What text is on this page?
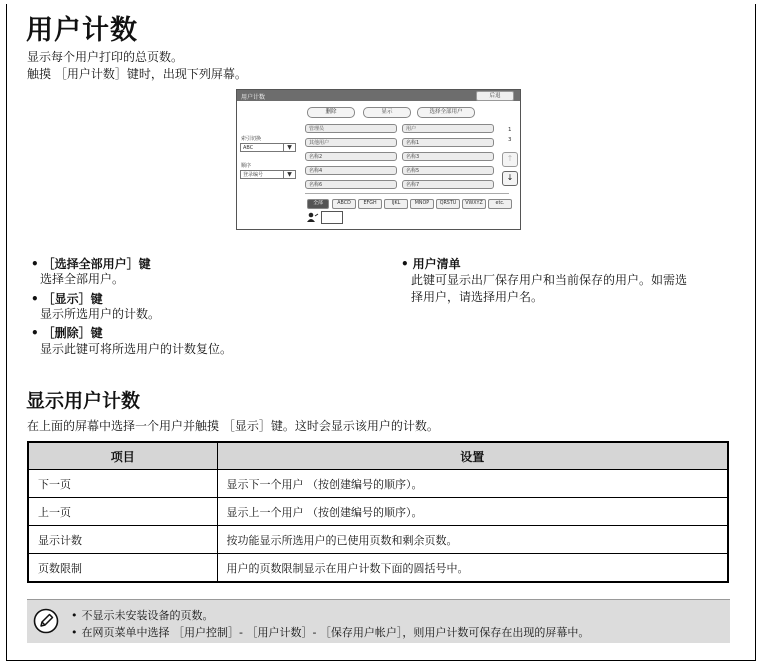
用户计数
显示每个用户打印的总页数。
触摸 ［用户计数］键时，出现下列屏幕。
用户计数	后退
删除	显示	选择全部用户
索引切换
ABC	▼
顺序
登录编号	▼
管理员
其他用户
名称2
名称4
名称6
用户
名称1
名称3
名称5
名称7
1
3
↑
↓
全部	ABCD	EFGH	IJKL	MNOP	QRSTU	VWXYZ	etc.
• ［选择全部用户］键
选择全部用户。
• ［显示］键
显示所选用户的计数。
• ［删除］键
显示此键可将所选用户的计数复位。
• 用户清单
此键可显示出厂保存用户和当前保存的用户。如需选
择用户，请选择用户名。
显示用户计数
在上面的屏幕中选择一个用户并触摸 ［显示］键。这时会显示该用户的计数。
项目	设置
下一页	显示下一个用户 （按创建编号的顺序）。
上一页	显示上一个用户 （按创建编号的顺序）。
显示计数	按功能显示所选用户的已使用页数和剩余页数。
页数限制	用户的页数限制显示在用户计数下面的圆括号中。
• 不显示未安装设备的页数。
• 在网页菜单中选择 ［用户控制］- ［用户计数］- ［保存用户帐户］，则用户计数可保存在出现的屏幕中。
